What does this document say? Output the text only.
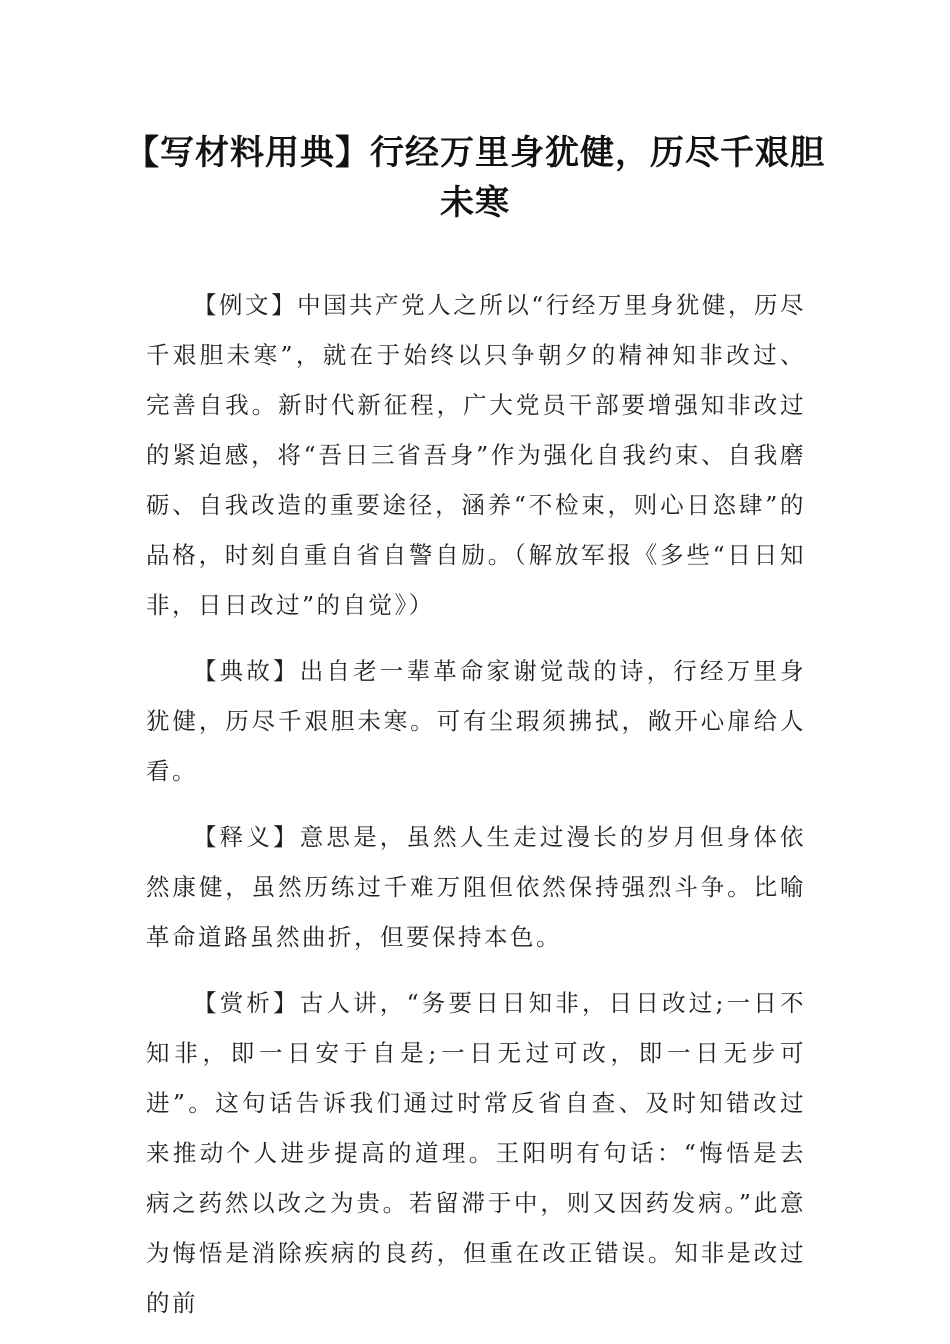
【写材料用典】行经万里身犹健，历尽千艰胆未寒

【例文】中国共产党人之所以“行经万里身犹健，历尽千艰胆未寒”，就在于始终以只争朝夕的精神知非改过、完善自我。新时代新征程，广大党员干部要增强知非改过的紧迫感，将“吾日三省吾身”作为强化自我约束、自我磨砺、自我改造的重要途径，涵养“不检束，则心日恣肆”的品格，时刻自重自省自警自励。（解放军报《多些“日日知非，日日改过”的自觉》）

【典故】出自老一辈革命家谢觉哉的诗，行经万里身犹健，历尽千艰胆未寒。可有尘瑕须拂拭，敞开心扉给人看。

【释义】意思是，虽然人生走过漫长的岁月但身体依然康健，虽然历练过千难万阻但依然保持强烈斗争。比喻革命道路虽然曲折，但要保持本色。

【赏析】古人讲，“务要日日知非，日日改过;一日不知非，即一日安于自是;一日无过可改，即一日无步可进”。这句话告诉我们通过时常反省自查、及时知错改过来推动个人进步提高的道理。王阳明有句话：“悔悟是去病之药然以改之为贵。若留滞于中，则又因药发病。”此意为悔悟是消除疾病的良药，但重在改正错误。知非是改过的前
